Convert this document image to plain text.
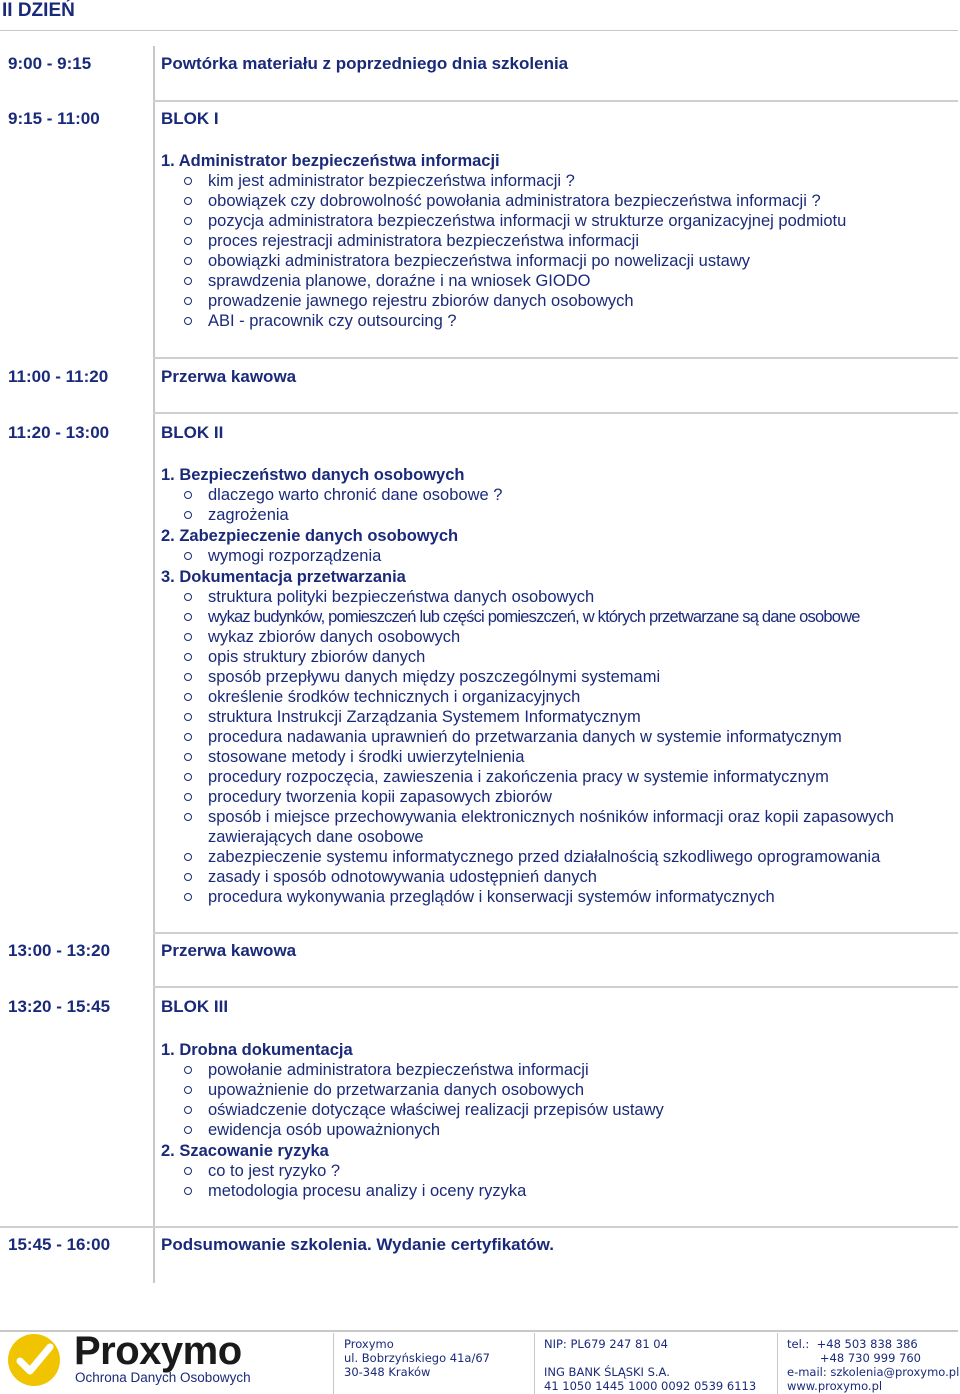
II DZIEŃ
9:00 - 9:15	Powtórka materiału z poprzedniego dnia szkolenia
9:15 - 11:00	BLOK I
1. Administrator bezpieczeństwa informacji
kim jest administrator bezpieczeństwa informacji ?
obowiązek czy dobrowolność powołania administratora bezpieczeństwa informacji ?
pozycja administratora bezpieczeństwa informacji w strukturze organizacyjnej podmiotu
proces rejestracji administratora bezpieczeństwa informacji
obowiązki administratora bezpieczeństwa informacji po nowelizacji ustawy
sprawdzenia planowe, doraźne i na wniosek GIODO
prowadzenie jawnego rejestru zbiorów danych osobowych
ABI - pracownik czy outsourcing ?
11:00 - 11:20	Przerwa kawowa
11:20 - 13:00	BLOK II
1. Bezpieczeństwo danych osobowych
dlaczego warto chronić dane osobowe ?
zagrożenia
2. Zabezpieczenie danych osobowych
wymogi rozporządzenia
3. Dokumentacja przetwarzania
struktura polityki bezpieczeństwa danych osobowych
wykaz budynków, pomieszczeń lub części pomieszczeń, w których przetwarzane są dane osobowe
wykaz zbiorów danych osobowych
opis struktury zbiorów danych
sposób przepływu danych między poszczególnymi systemami
określenie środków technicznych i organizacyjnych
struktura Instrukcji Zarządzania Systemem Informatycznym
procedura nadawania uprawnień do przetwarzania danych w systemie informatycznym
stosowane metody i środki uwierzytelnienia
procedury rozpoczęcia, zawieszenia i zakończenia pracy w systemie informatycznym
procedury tworzenia kopii zapasowych zbiorów
sposób i miejsce przechowywania elektronicznych nośników informacji oraz kopii zapasowych zawierających dane osobowe
zabezpieczenie systemu informatycznego przed działalnością szkodliwego oprogramowania
zasady i sposób odnotowywania udostępnień danych
procedura wykonywania przeglądów i konserwacji systemów informatycznych
13:00 - 13:20	Przerwa kawowa
13:20 - 15:45	BLOK III
1. Drobna dokumentacja
powołanie administratora bezpieczeństwa informacji
upoważnienie do przetwarzania danych osobowych
oświadczenie dotyczące właściwej realizacji przepisów ustawy
ewidencja osób upoważnionych
2. Szacowanie ryzyka
co to jest ryzyko ?
metodologia procesu analizy i oceny ryzyka
15:45 - 16:00	Podsumowanie szkolenia. Wydanie certyfikatów.
Proxymo
Ochrona Danych Osobowych
Proxymo
ul. Bobrzyńskiego 41a/67
30-348 Kraków
NIP: PL679 247 81 04
ING BANK ŚLĄSKI S.A.
41 1050 1445 1000 0092 0539 6113
tel.:  +48 503 838 386
+48 730 999 760
e-mail: szkolenia@proxymo.pl
www.proxymo.pl
